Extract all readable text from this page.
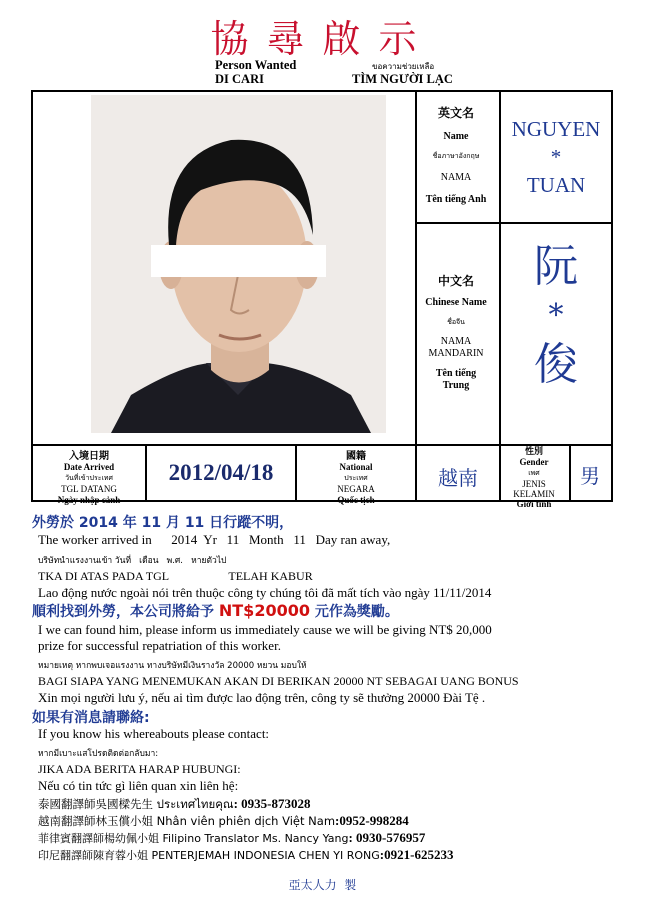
協尋啟示
Person Wanted
DI CARI
ขอความช่วยเหลือ
TÌM NGƯỜI LẠC
英文名
Name
ชื่อภาษาอังกฤษ
NAMA
Tên tiếng Anh
NGUYEN
*
TUAN
中文名
Chinese Name
ชื่อจีน
NAMA
MANDARIN
Tên tiếng
Trung
阮
*
俊
入境日期
Date Arrived
วันที่เข้าประเทศ
TGL DATANG
Ngày nhập cảnh
2012/04/18
國籍
National
ประเทศ
NEGARA
Quốc tịch
越南
性別
Gender
เพศ
JENIS
KELAMIN
Giới tính
男
外勞於 2014 年 11 月 11 日行蹤不明，
The worker arrived in      2014  Yr   11   Month   11   Day ran away,
บริษัทนำแรงงานเข้า วันที่   เดือน   พ.ศ.   หายตัวไป
TKA DI ATAS PADA TGL                    TELAH KABUR
Lao động nước ngoài nói trên thuộc công ty chúng tôi đã mất tích vào ngày 11/11/2014
順利找到外勞，本公司將給予 NT$20000 元作為獎勵。
I we can found him, please inform us immediately cause we will be giving NT$ 20,000
prize for successful repatriation of this worker.
หมายเหตุ หากพบเจอแรงงาน ทางบริษัทมีเงินรางวัล 20000 หยวน มอบให้
BAGI SIAPA YANG MENEMUKAN AKAN DI BERIKAN 20000 NT SEBAGAI UANG BONUS
Xin mọi người lưu ý, nếu ai tìm được lao động trên, công ty sẽ thưởng 20000 Đài Tệ .
如果有消息請聯絡:
If you know his whereabouts please contact:
หากมีเบาะแสโปรดติดต่อกลับมา:
JIKA ADA BERITA HARAP HUBUNGI:
Nếu có tin tức gì liên quan xin liên hệ:
泰國翻譯師吳國樑先生 ประเทศไทยคุณ: 0935-873028
越南翻譯師林玉償小姐 Nhân viên phiên dịch Việt Nam:0952-998284
菲律賓翻譯師楊幼佩小姐 Filipino Translator Ms. Nancy Yang: 0930-576957
印尼翻譯師陳育蓉小姐 PENTERJEMAH INDONESIA CHEN YI RONG:0921-625233
亞太人力  製
